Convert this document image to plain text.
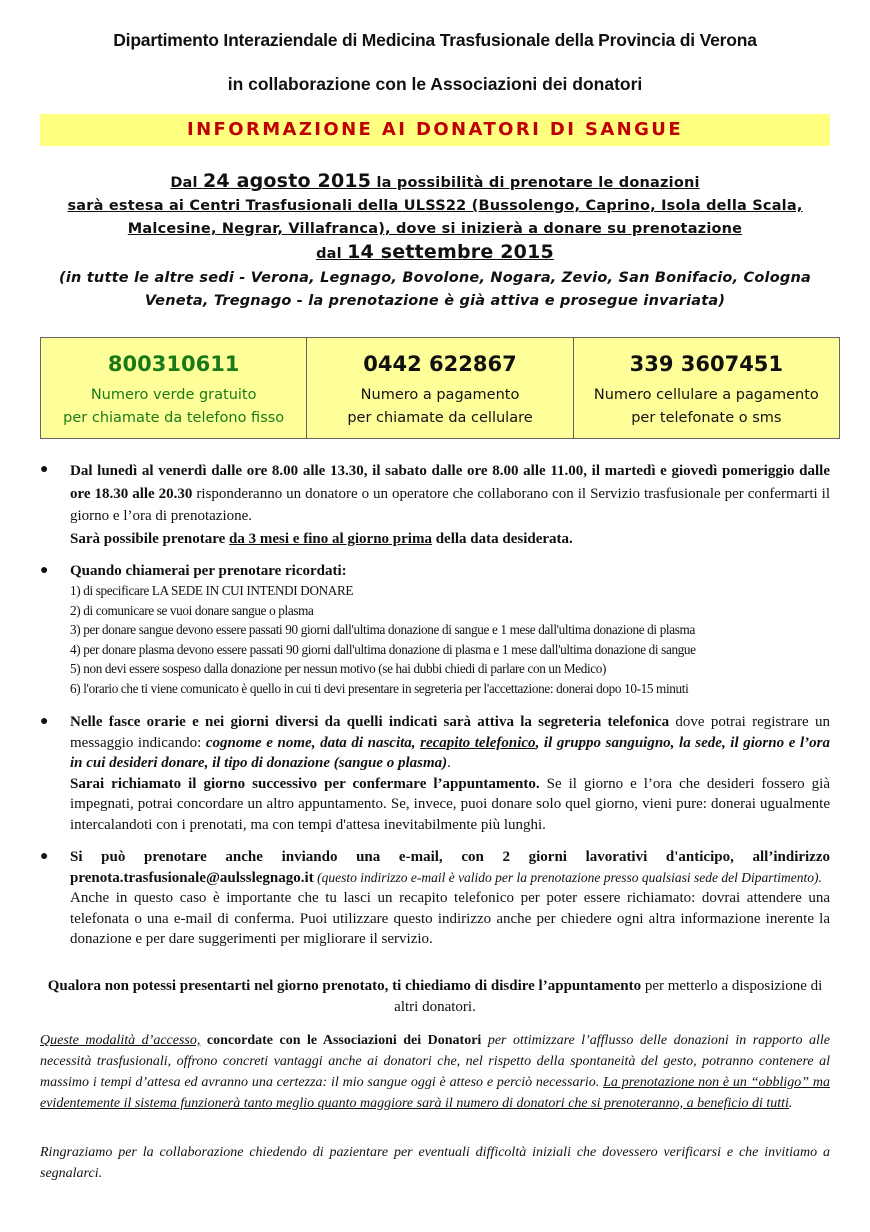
Dipartimento Interaziendale di Medicina Trasfusionale della Provincia di Verona
in collaborazione con le Associazioni dei donatori
INFORMAZIONE AI DONATORI DI SANGUE
Dal 24 agosto 2015 la possibilità di prenotare le donazioni
sarà estesa ai Centri Trasfusionali della ULSS22 (Bussolengo, Caprino, Isola della Scala, Malcesine, Negrar, Villafranca), dove si inizierà a donare su prenotazione
dal 14 settembre 2015
(in tutte le altre sedi - Verona, Legnago, Bovolone, Nogara, Zevio, San Bonifacio, Cologna Veneta, Tregnago - la prenotazione è già attiva e prosegue invariata)
800310611
Numero verde gratuito
per chiamate da telefono fisso
0442 622867
Numero a pagamento
per chiamate da cellulare
339 3607451
Numero cellulare a pagamento
per telefonate o sms
● Dal lunedì al venerdì dalle ore 8.00 alle 13.30, il sabato dalle ore 8.00 alle 11.00, il martedì e giovedì pomeriggio dalle ore 18.30 alle 20.30 risponderanno un donatore o un operatore che collaborano con il Servizio trasfusionale per confermarti il giorno e l’ora di prenotazione.
Sarà possibile prenotare da 3 mesi e fino al giorno prima della data desiderata.
● Quando chiamerai per prenotare ricordati:
1) di specificare LA SEDE IN CUI INTENDI DONARE
2) di comunicare se vuoi donare sangue o plasma
3) per donare sangue devono essere passati 90 giorni dall'ultima donazione di sangue e 1 mese dall'ultima donazione di plasma
4) per donare plasma devono essere passati 90 giorni dall'ultima donazione di plasma e 1 mese dall'ultima donazione di sangue
5) non devi essere sospeso dalla donazione per nessun motivo (se hai dubbi chiedi di parlare con un Medico)
6) l'orario che ti viene comunicato è quello in cui ti devi presentare in segreteria per l'accettazione: donerai dopo 10-15 minuti
● Nelle fasce orarie e nei giorni diversi da quelli indicati sarà attiva la segreteria telefonica dove potrai registrare un messaggio indicando: cognome e nome, data di nascita, recapito telefonico, il gruppo sanguigno, la sede, il giorno e l’ora in cui desideri donare, il tipo di donazione (sangue o plasma).
Sarai richiamato il giorno successivo per confermare l’appuntamento. Se il giorno e l’ora che desideri fossero già impegnati, potrai concordare un altro appuntamento. Se, invece, puoi donare solo quel giorno, vieni pure: donerai ugualmente intercalandoti con i prenotati, ma con tempi d'attesa inevitabilmente più lunghi.
● Si può prenotare anche inviando una e-mail, con 2 giorni lavorativi d'anticipo, all’indirizzo prenota.trasfusionale@aulsslegnago.it (questo indirizzo e-mail è valido per la prenotazione presso qualsiasi sede del Dipartimento).
Anche in questo caso è importante che tu lasci un recapito telefonico per poter essere richiamato: dovrai attendere una telefonata o una e-mail di conferma. Puoi utilizzare questo indirizzo anche per chiedere ogni altra informazione inerente la donazione e per dare suggerimenti per migliorare il servizio.
Qualora non potessi presentarti nel giorno prenotato, ti chiediamo di disdire l’appuntamento per metterlo a disposizione di altri donatori.
Queste modalità d’accesso, concordate con le Associazioni dei Donatori per ottimizzare l’afflusso delle donazioni in rapporto alle necessità trasfusionali, offrono concreti vantaggi anche ai donatori che, nel rispetto della spontaneità del gesto, potranno contenere al massimo i tempi d’attesa ed avranno una certezza: il mio sangue oggi è atteso e perciò necessario. La prenotazione non è un “obbligo” ma evidentemente il sistema funzionerà tanto meglio quanto maggiore sarà il numero di donatori che si prenoteranno, a beneficio di tutti.
Ringraziamo per la collaborazione chiedendo di pazientare per eventuali difficoltà iniziali che dovessero verificarsi e che invitiamo a segnalarci.
